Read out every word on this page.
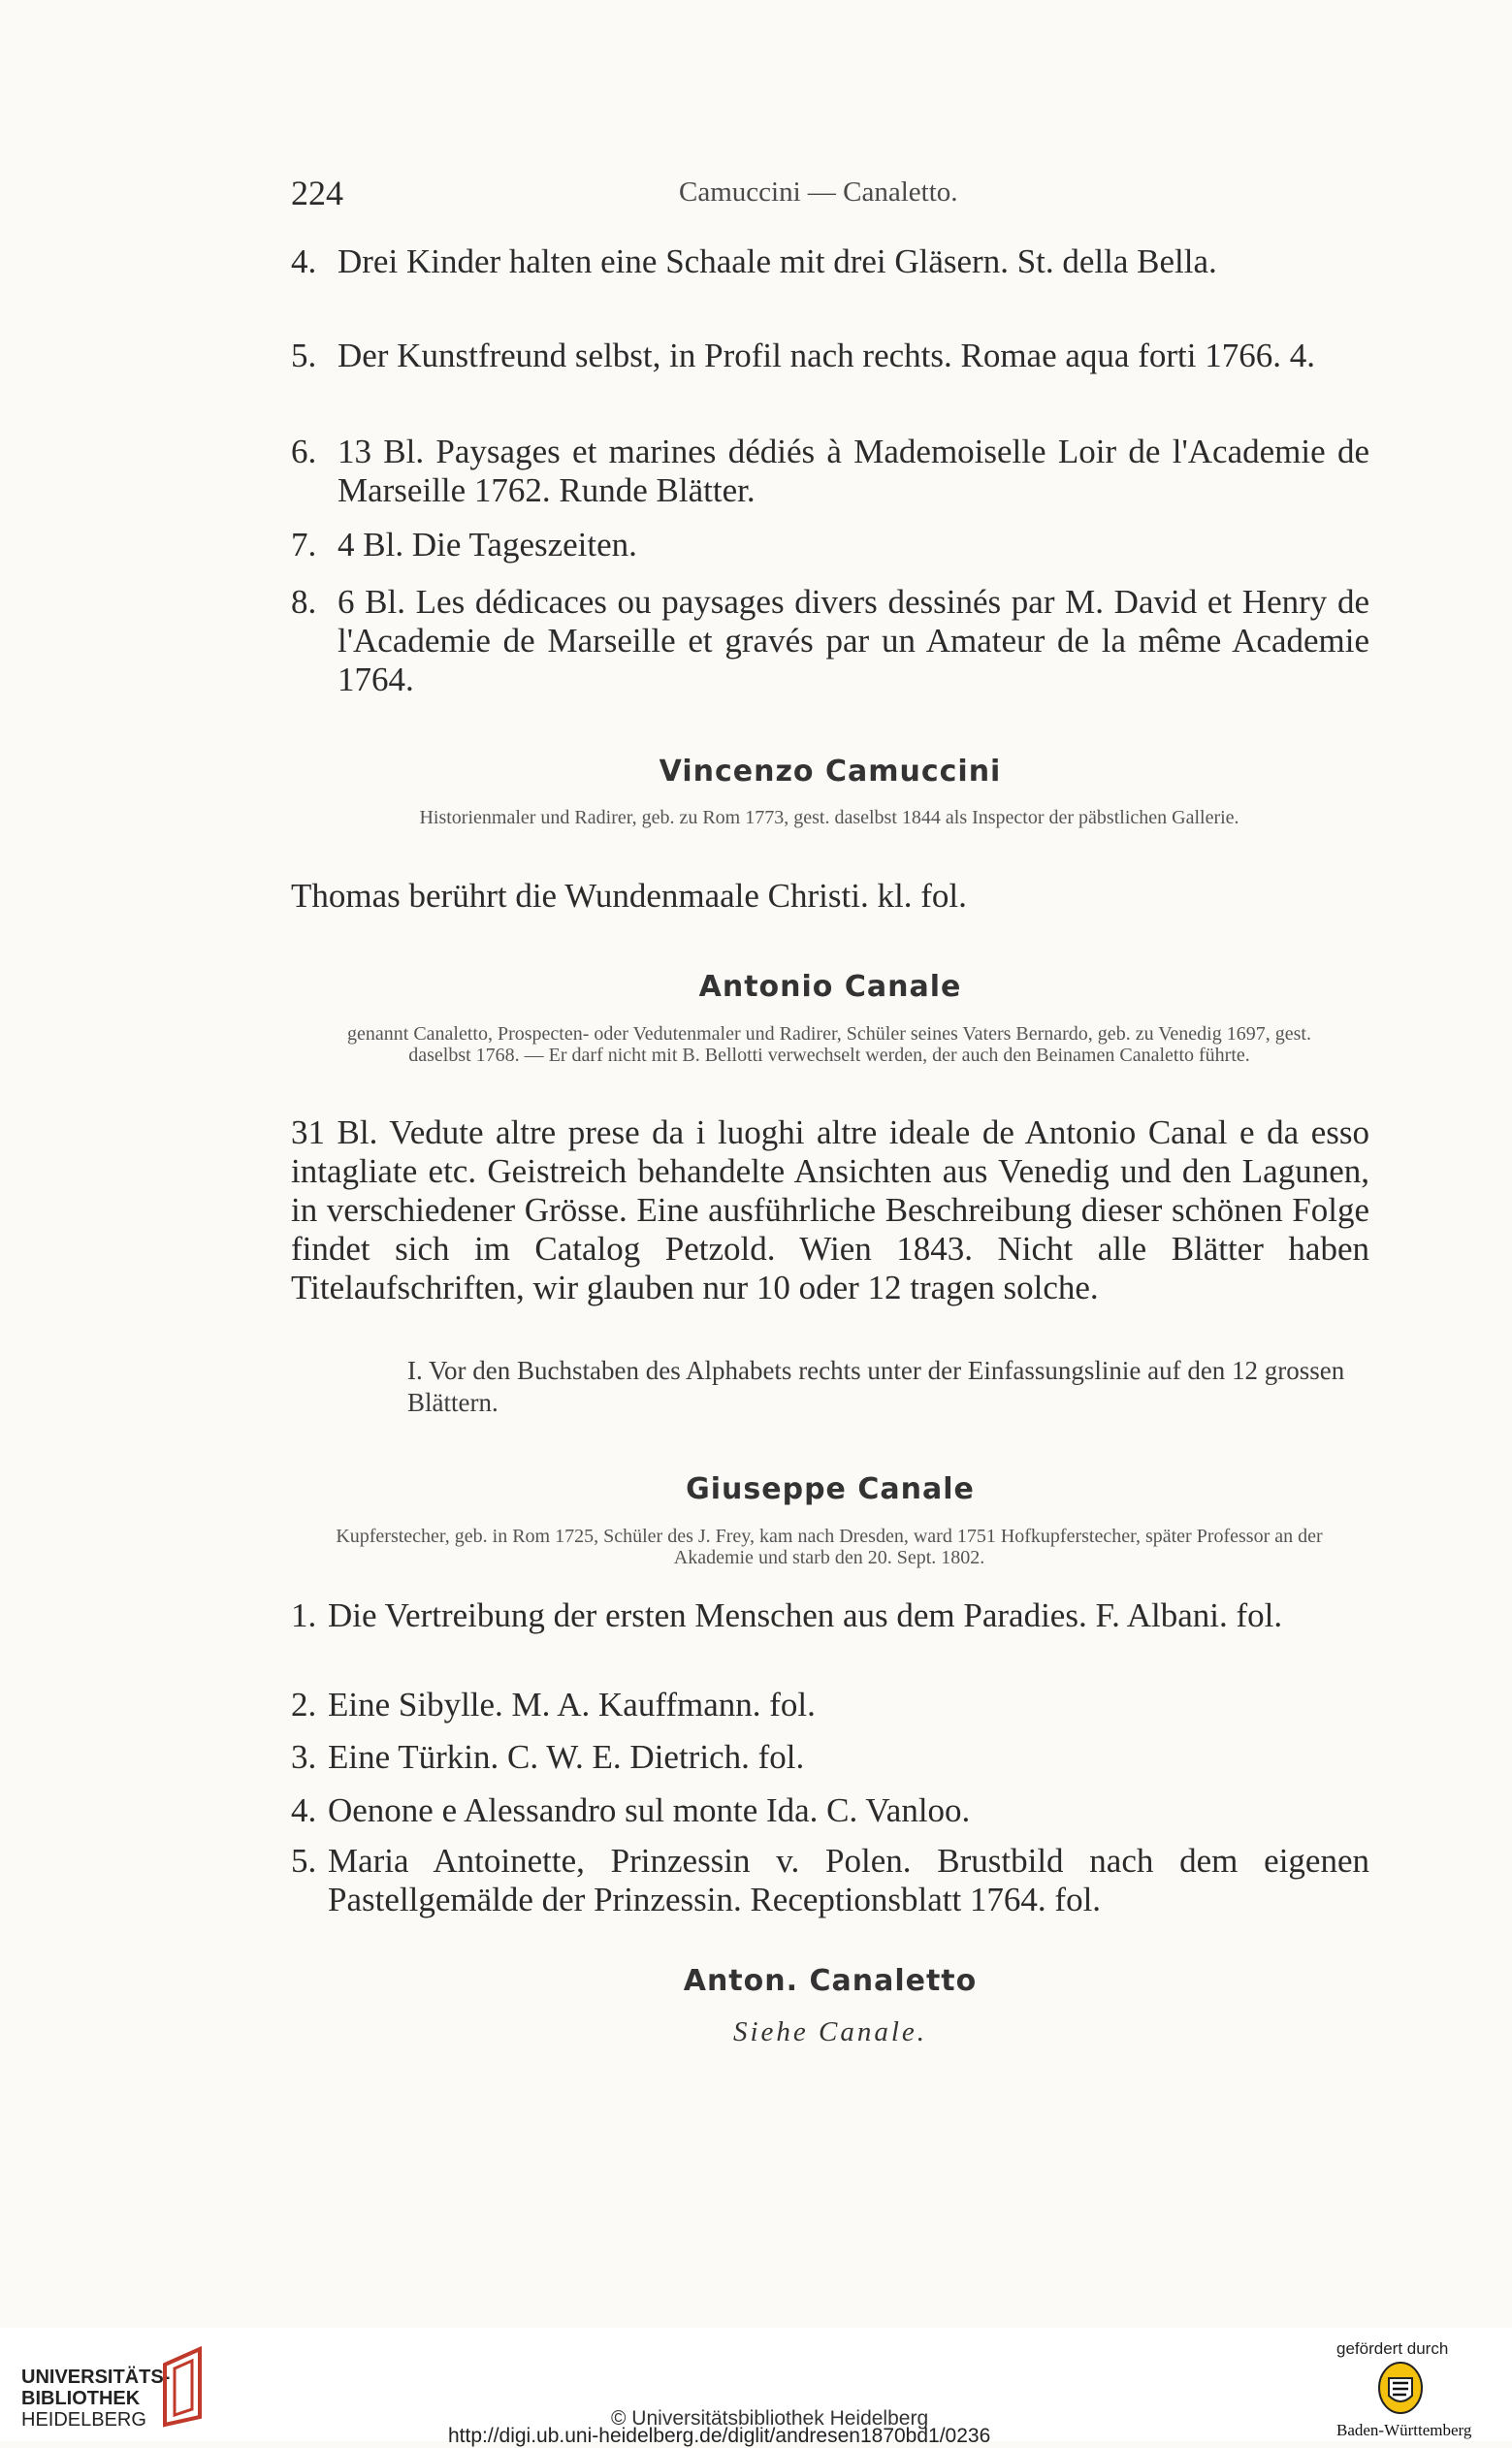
224	Camuccini — Canaletto.
4. Drei Kinder halten eine Schaale mit drei Gläsern. St. della Bella.
5. Der Kunstfreund selbst, in Profil nach rechts. Romae aqua forti 1766. 4.
6. 13 Bl. Paysages et marines dédiés à Mademoiselle Loir de l'Academie de Marseille 1762. Runde Blätter.
7. 4 Bl. Die Tageszeiten.
8. 6 Bl. Les dédicaces ou paysages divers dessinés par M. David et Henry de l'Academie de Marseille et gravés par un Amateur de la même Academie 1764.
Vincenzo Camuccini
Historienmaler und Radirer, geb. zu Rom 1773, gest. daselbst 1844 als Inspector der päbstlichen Gallerie.
Thomas berührt die Wundenmaale Christi. kl. fol.
Antonio Canale
genannt Canaletto, Prospecten- oder Vedutenmaler und Radirer, Schüler seines Vaters Bernardo, geb. zu Venedig 1697, gest. daselbst 1768. — Er darf nicht mit B. Bellotti verwechselt werden, der auch den Beinamen Canaletto führte.
31 Bl. Vedute altre prese da i luoghi altre ideale de Antonio Canal e da esso intagliate etc. Geistreich behandelte Ansichten aus Venedig und den Lagunen, in verschiedener Grösse. Eine ausführliche Beschreibung dieser schönen Folge findet sich im Catalog Petzold. Wien 1843. Nicht alle Blätter haben Titelaufschriften, wir glauben nur 10 oder 12 tragen solche.
I. Vor den Buchstaben des Alphabets rechts unter der Einfassungslinie auf den 12 grossen Blättern.
Giuseppe Canale
Kupferstecher, geb. in Rom 1725, Schüler des J. Frey, kam nach Dresden, ward 1751 Hofkupferstecher, später Professor an der Akademie und starb den 20. Sept. 1802.
1. Die Vertreibung der ersten Menschen aus dem Paradies. F. Albani. fol.
2. Eine Sibylle. M. A. Kauffmann. fol.
3. Eine Türkin. C. W. E. Dietrich. fol.
4. Oenone e Alessandro sul monte Ida. C. Vanloo.
5. Maria Antoinette, Prinzessin v. Polen. Brustbild nach dem eigenen Pastellgemälde der Prinzessin. Receptionsblatt 1764. fol.
Anton. Canaletto
Siehe Canale.
UNIVERSITÄTS-
BIBLIOTHEK
HEIDELBERG	© Universitätsbibliothek Heidelberg
http://digi.ub.uni-heidelberg.de/diglit/andresen1870bd1/0236
gefördert durch
Baden-Württemberg
